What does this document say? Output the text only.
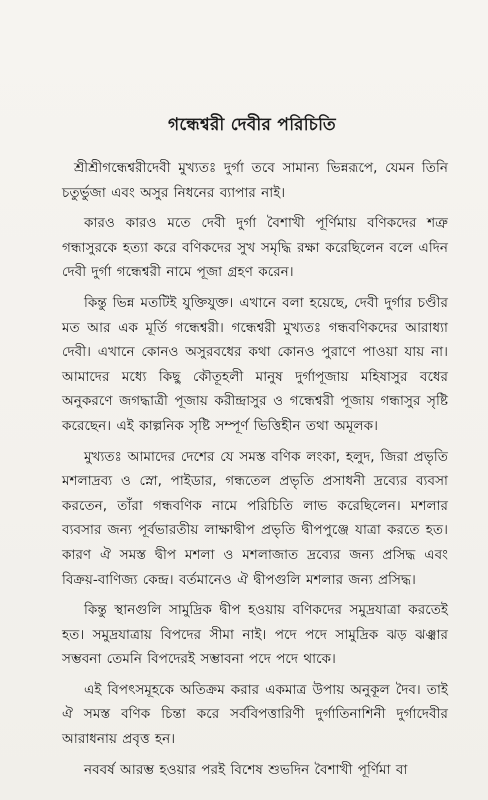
গন্ধেশ্বরী দেবীর পরিচিতি

শ্রীশ্রীগন্ধেশ্বরীদেবী মুখ্যতঃ দুর্গা তবে সামান্য ভিন্নরূপে, যেমন তিনি চতুর্ভুজা এবং অসুর নিধনের ব্যাপার নাই।

কারও কারও মতে দেবী দুর্গা বৈশাখী পূর্ণিমায় বণিকদের শত্রু গন্ধাসুরকে হত্যা করে বণিকদের সুখ সমৃদ্ধি রক্ষা করেছিলেন বলে এদিন দেবী দুর্গা গন্ধেশ্বরী নামে পূজা গ্রহণ করেন।

কিন্তু ভিন্ন মতটিই যুক্তিযুক্ত। এখানে বলা হয়েছে, দেবী দুর্গার চণ্ডীর মত আর এক মূর্তি গন্ধেশ্বরী। গন্ধেশ্বরী মুখ্যতঃ গন্ধবণিকদের আরাধ্যা দেবী। এখানে কোনও অসুরবধের কথা কোনও পুরাণে পাওয়া যায় না। আমাদের মধ্যে কিছু কৌতূহলী মানুষ দুর্গাপূজায় মহিষাসুর বধের অনুকরণে জগদ্ধাত্রী পূজায় করীন্দ্রাসুর ও গন্ধেশ্বরী পূজায় গন্ধাসুর সৃষ্টি করেছেন। এই কাল্পনিক সৃষ্টি সম্পূর্ণ ভিত্তিহীন তথা অমূলক।

মুখ্যতঃ আমাদের দেশের যে সমস্ত বণিক লংকা, হলুদ, জিরা প্রভৃতি মশলাদ্রব্য ও স্নো, পাইডার, গন্ধতেল প্রভৃতি প্রসাধনী দ্রব্যের ব্যবসা করতেন, তাঁরা গন্ধবণিক নামে পরিচিতি লাভ করেছিলেন। মশলার ব্যবসার জন্য পূর্বভারতীয় লাক্ষাদ্বীপ প্রভৃতি দ্বীপপুঞ্জে যাত্রা করতে হত। কারণ ঐ সমস্ত দ্বীপ মশলা ও মশলাজাত দ্রব্যের জন্য প্রসিদ্ধ এবং বিক্রয়-বাণিজ্য কেন্দ্র। বর্তমানেও ঐ দ্বীপগুলি মশলার জন্য প্রসিদ্ধ।

কিন্তু স্থানগুলি সামুদ্রিক দ্বীপ হওয়ায় বণিকদের সমুদ্রযাত্রা করতেই হত। সমুদ্রযাত্রায় বিপদের সীমা নাই। পদে পদে সামুদ্রিক ঝড় ঝঞ্ঝার সম্ভবনা তেমনি বিপদেরই সম্ভাবনা পদে পদে থাকে।

এই বিপৎসমূহকে অতিক্রম করার একমাত্র উপায় অনুকূল দৈব। তাই ঐ সমস্ত বণিক চিন্তা করে সর্ববিপত্তারিণী দুর্গাতিনাশিনী দুর্গাদেবীর আরাধনায় প্রবৃত্ত হন।

নববর্ষ আরম্ভ হওয়ার পরই বিশেষ শুভদিন বৈশাখী পূর্ণিমা বা
